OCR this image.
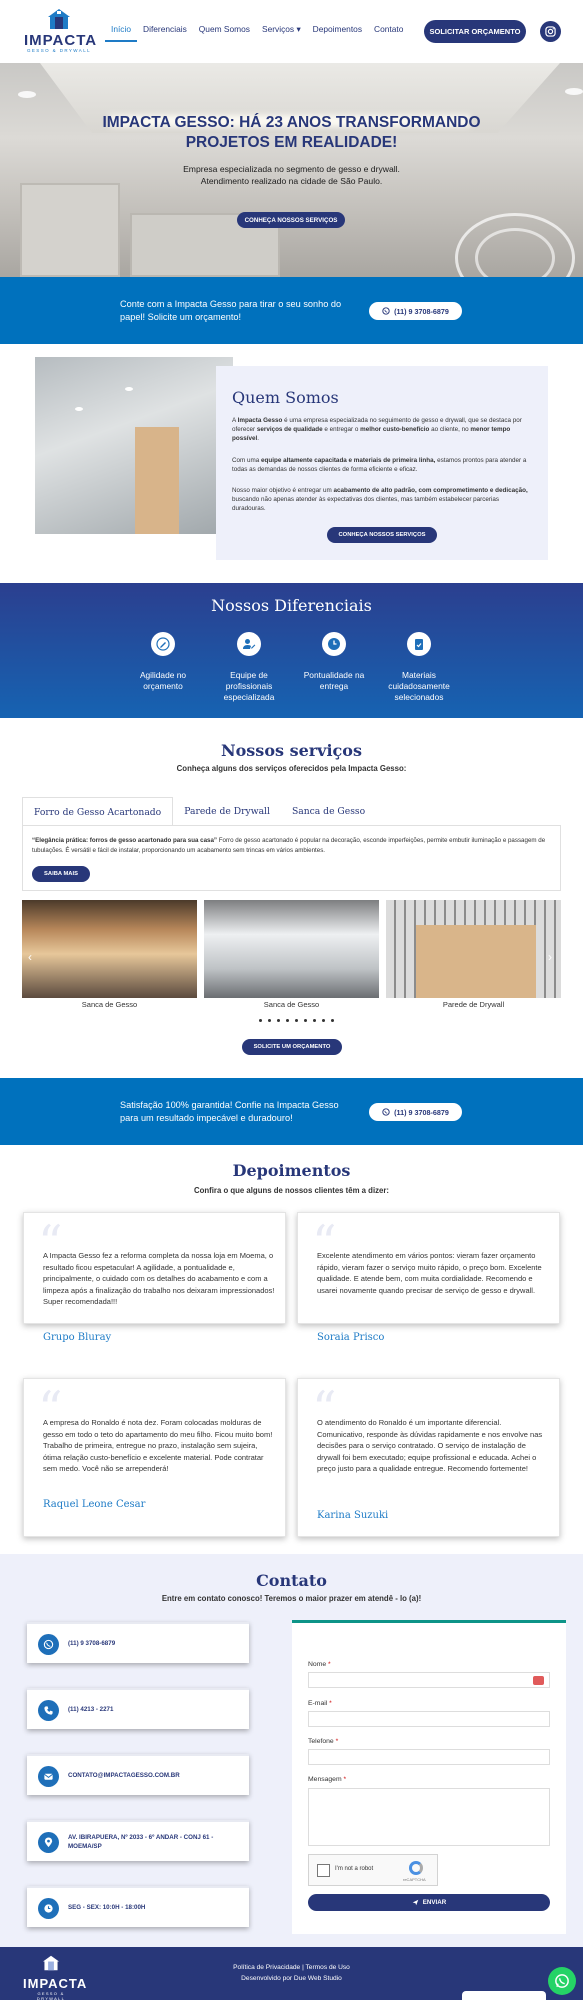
IMPACTA
GESSO & DRYWALL
Início	Diferenciais	Quem Somos	Serviços ▾	Depoimentos	Contato	SOLICITAR ORÇAMENTO
IMPACTA GESSO: HÁ 23 ANOS TRANSFORMANDO
PROJETOS EM REALIDADE!

Empresa especializada no segmento de gesso e drywall.
Atendimento realizado na cidade de São Paulo.

CONHEÇA NOSSOS SERVIÇOS
Conte com a Impacta Gesso para tirar o seu sonho do
papel! Solicite um orçamento!
(11) 9 3708-6879
Quem Somos

A Impacta Gesso é uma empresa especializada no seguimento de gesso e drywall, que se destaca por oferecer serviços de qualidade e entregar o melhor custo-benefício ao cliente, no menor tempo possível.

Com uma equipe altamente capacitada e materiais de primeira linha, estamos prontos para atender a todas as demandas de nossos clientes de forma eficiente e eficaz.

Nosso maior objetivo é entregar um acabamento de alto padrão, com comprometimento e dedicação, buscando não apenas atender às expectativas dos clientes, mas também estabelecer parcerias duradouras.

CONHEÇA NOSSOS SERVIÇOS
Nossos Diferenciais
Agilidade no
orçamento
Equipe de
profissionais
especializada
Pontualidade na
entrega
Materiais
cuidadosamente
selecionados
Nossos serviços
Conheça alguns dos serviços oferecidos pela Impacta Gesso:
Forro de Gesso Acartonado	Parede de Drywall	Sanca de Gesso

“Elegância prática: forros de gesso acartonado para sua casa” Forro de gesso acartonado é popular na decoração, esconde imperfeições, permite embutir iluminação e passagem de tubulações. É versátil e fácil de instalar, proporcionando um acabamento sem trincas em vários ambientes.

SAIBA MAIS
‹	›
Sanca de Gesso	Sanca de Gesso	Parede de Drywall
SOLICITE UM ORÇAMENTO
Satisfação 100% garantida! Confie na Impacta Gesso
para um resultado impecável e duradouro!
(11) 9 3708-6879
Depoimentos
Confira o que alguns de nossos clientes têm a dizer:
“
A Impacta Gesso fez a reforma completa da nossa loja em Moema, o resultado ficou espetacular! A agilidade, a pontualidade e, principalmente, o cuidado com os detalhes do acabamento e com a limpeza após a finalização do trabalho nos deixaram impressionados! Super recomendada!!!
Grupo Bluray
“
Excelente atendimento em vários pontos: vieram fazer orçamento rápido, vieram fazer o serviço muito rápido, o preço bom. Excelente qualidade. E atende bem, com muita cordialidade. Recomendo e usarei novamente quando precisar de serviço de gesso e drywall.
Soraia Prisco
“
A empresa do Ronaldo é nota dez. Foram colocadas molduras de gesso em todo o teto do apartamento do meu filho. Ficou muito bom! Trabalho de primeira, entregue no prazo, instalação sem sujeira, ótima relação custo-benefício e excelente material. Pode contratar sem medo. Você não se arrependerá!
Raquel Leone Cesar
“
O atendimento do Ronaldo é um importante diferencial. Comunicativo, responde às dúvidas rapidamente e nos envolve nas decisões para o serviço contratado. O serviço de instalação de drywall foi bem executado; equipe profissional e educada. Achei o preço justo para a qualidade entregue. Recomendo fortemente!
Karina Suzuki
Contato
Entre em contato conosco! Teremos o maior prazer em atendê - lo (a)!
(11) 9 3708-6879
(11) 4213 - 2271
CONTATO@IMPACTAGESSO.COM.BR
AV. IBIRAPUERA, Nº 2033 - 6º ANDAR - CONJ 61 - MOEMA/SP
SEG - SEX: 10:0H - 18:00H
Nome *
E-mail *
Telefone *
Mensagem *
I'm not a robot
reCAPTCHA
ENVIAR
IMPACTA
GESSO & DRYWALL
Política de Privacidade | Termos de Uso
Desenvolvido por Due Web Studio
